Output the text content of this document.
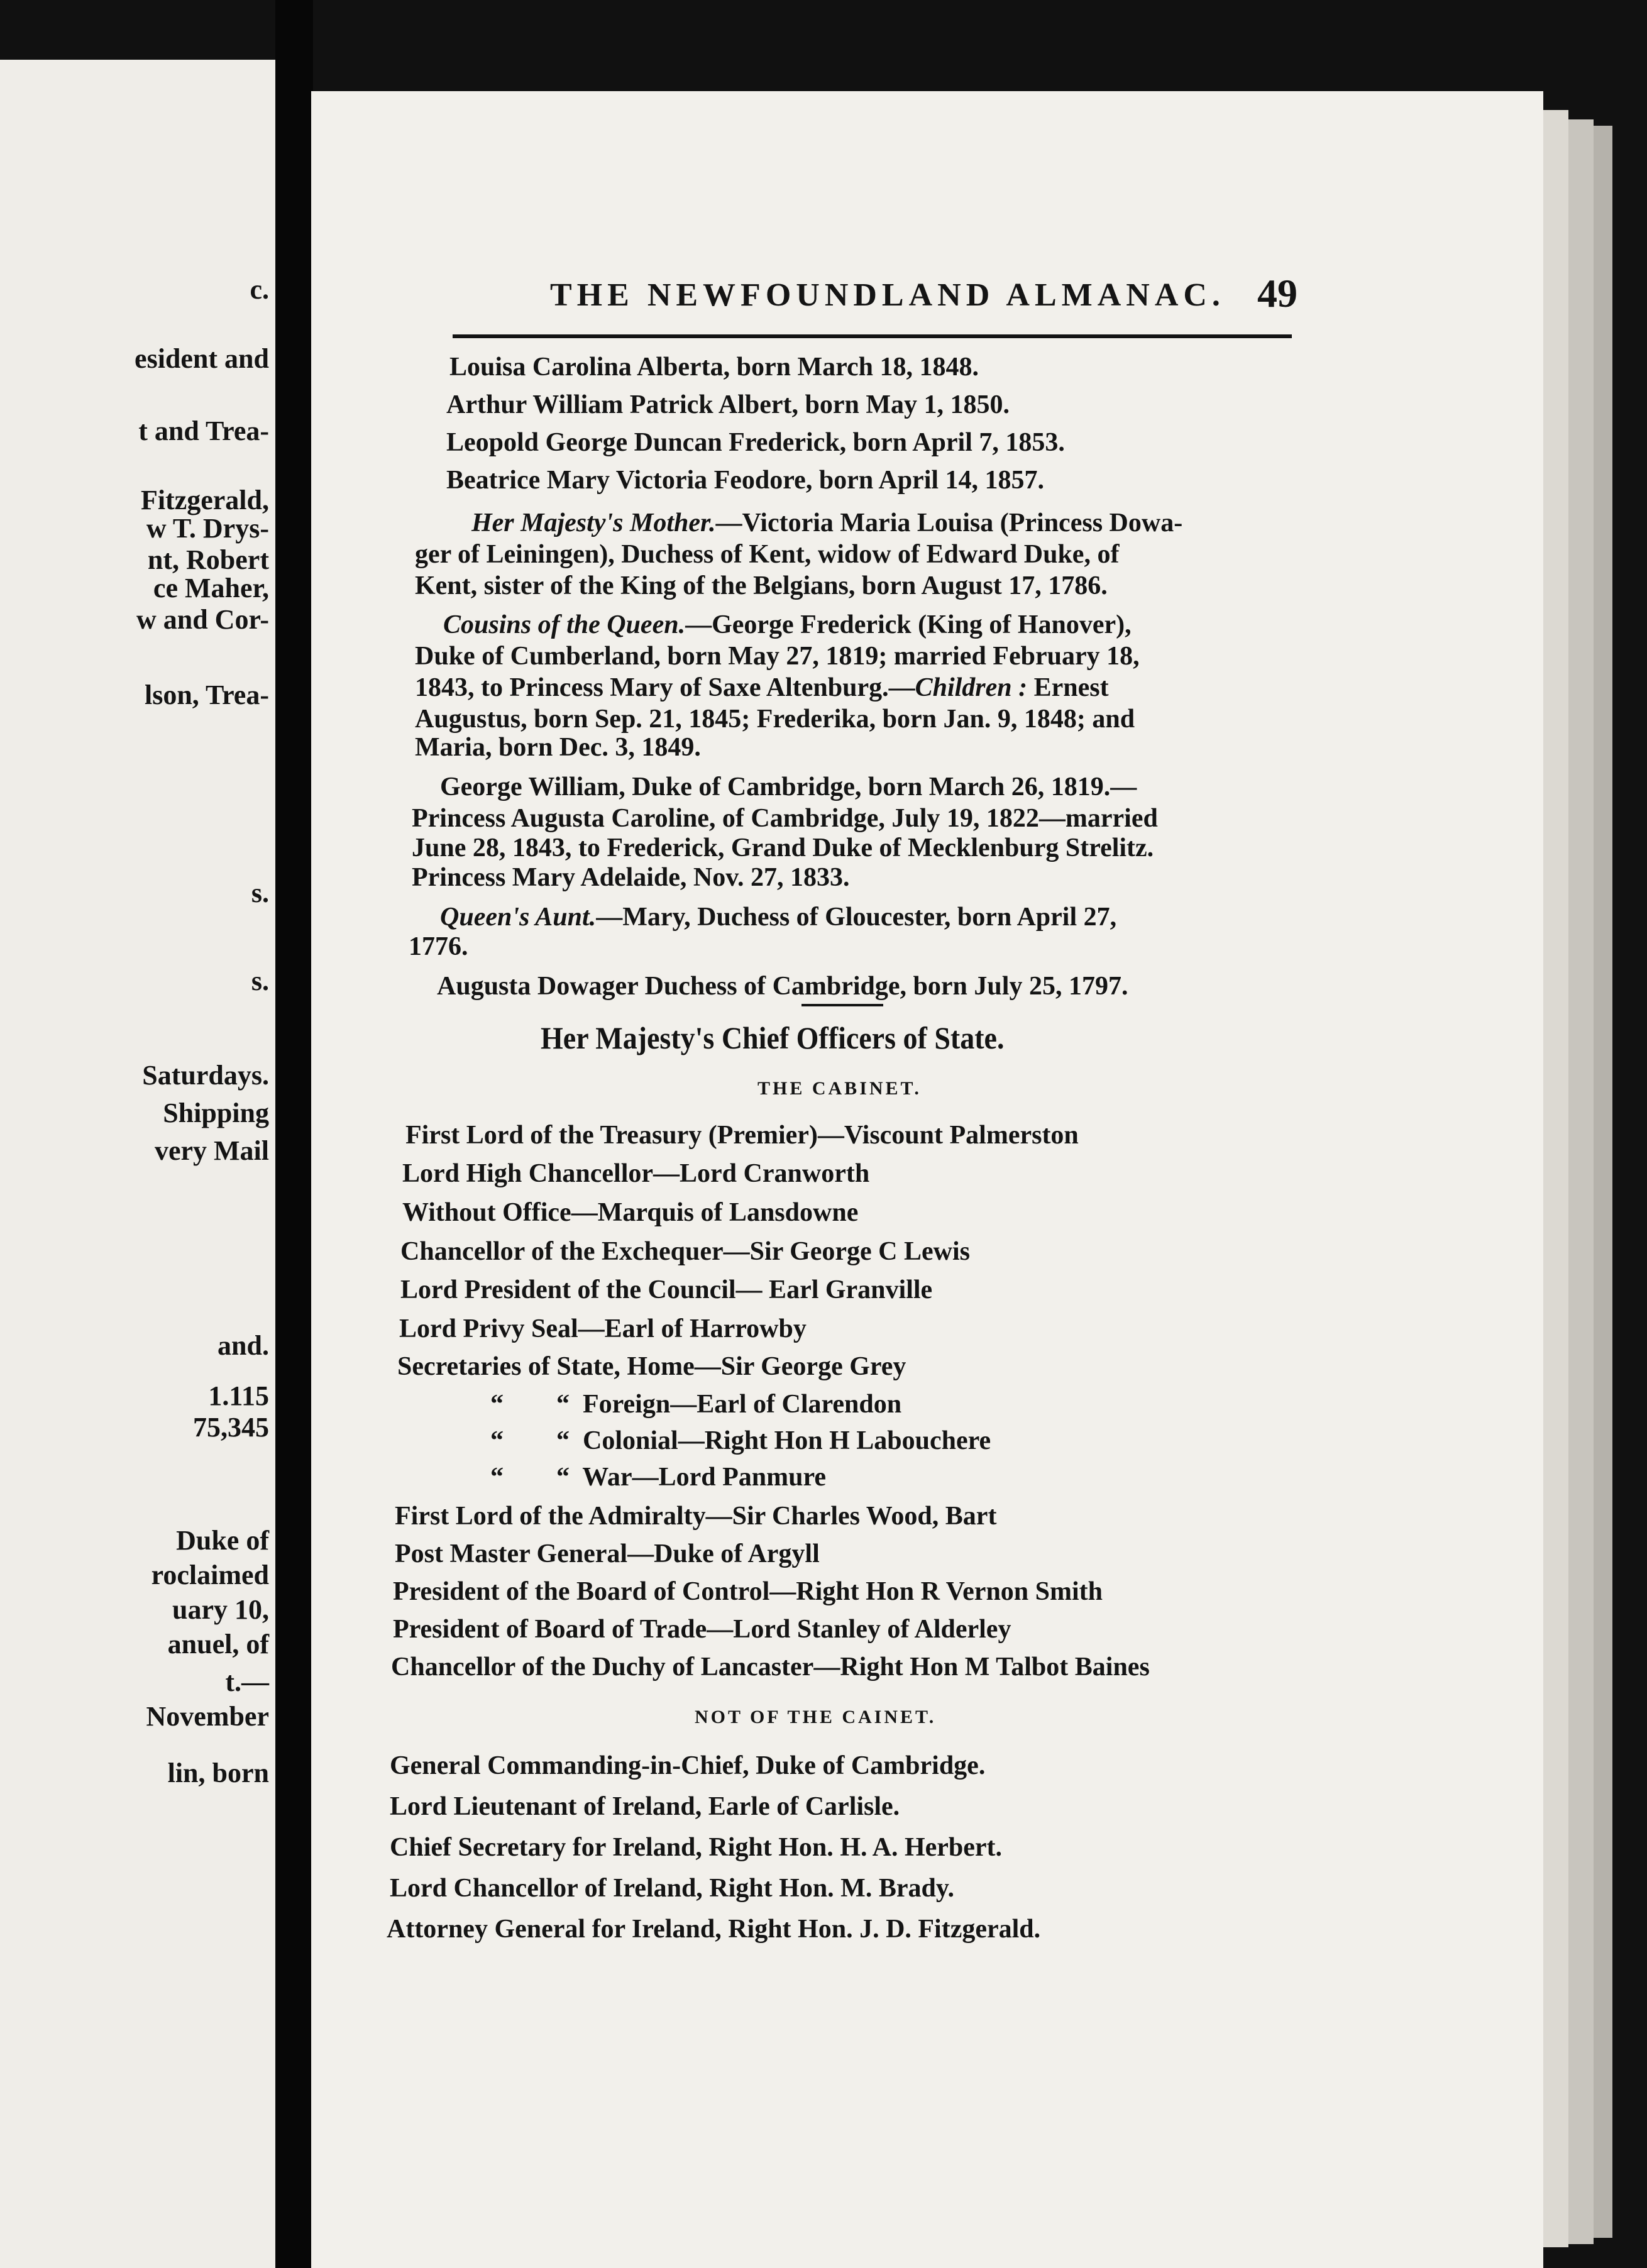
c.
esident and
t and Trea-
Fitzgerald,
w T. Drys-
nt, Robert
ce Maher,
w and Cor-
lson, Trea-
s.
s.
Saturdays.
Shipping
very Mail
and.
1.115
75,345
Duke of
roclaimed
uary 10,
anuel, of
t.—
November
lin, born
THE NEWFOUNDLAND ALMANAC. 49
Louisa Carolina Alberta, born March 18, 1848.
Arthur William Patrick Albert, born May 1, 1850.
Leopold George Duncan Frederick, born April 7, 1853.
Beatrice Mary Victoria Feodore, born April 14, 1857.
Her Majesty's Mother.—Victoria Maria Louisa (Princess Dowa-
ger of Leiningen), Duchess of Kent, widow of Edward Duke, of
Kent, sister of the King of the Belgians, born August 17, 1786.
Cousins of the Queen.—George Frederick (King of Hanover),
Duke of Cumberland, born May 27, 1819; married February 18,
1843, to Princess Mary of Saxe Altenburg.—Children : Ernest
Augustus, born Sep. 21, 1845; Frederika, born Jan. 9, 1848; and
Maria, born Dec. 3, 1849.
George William, Duke of Cambridge, born March 26, 1819.—
Princess Augusta Caroline, of Cambridge, July 19, 1822—married
June 28, 1843, to Frederick, Grand Duke of Mecklenburg Strelitz.
Princess Mary Adelaide, Nov. 27, 1833.
Queen's Aunt.—Mary, Duchess of Gloucester, born April 27,
1776.
Augusta Dowager Duchess of Cambridge, born July 25, 1797.
Her Majesty's Chief Officers of State.
THE CABINET.
First Lord of the Treasury (Premier)—Viscount Palmerston
Lord High Chancellor—Lord Cranworth
Without Office—Marquis of Lansdowne
Chancellor of the Exchequer—Sir George C Lewis
Lord President of the Council— Earl Granville
Lord Privy Seal—Earl of Harrowby
Secretaries of State, Home—Sir George Grey
“        “  Foreign—Earl of Clarendon
“        “  Colonial—Right Hon H Labouchere
“        “  War—Lord Panmure
First Lord of the Admiralty—Sir Charles Wood, Bart
Post Master General—Duke of Argyll
President of the Board of Control—Right Hon R Vernon Smith
President of Board of Trade—Lord Stanley of Alderley
Chancellor of the Duchy of Lancaster—Right Hon M Talbot Baines
NOT OF THE CAINET.
General Commanding-in-Chief, Duke of Cambridge.
Lord Lieutenant of Ireland, Earle of Carlisle.
Chief Secretary for Ireland, Right Hon. H. A. Herbert.
Lord Chancellor of Ireland, Right Hon. M. Brady.
Attorney General for Ireland, Right Hon. J. D. Fitzgerald.
